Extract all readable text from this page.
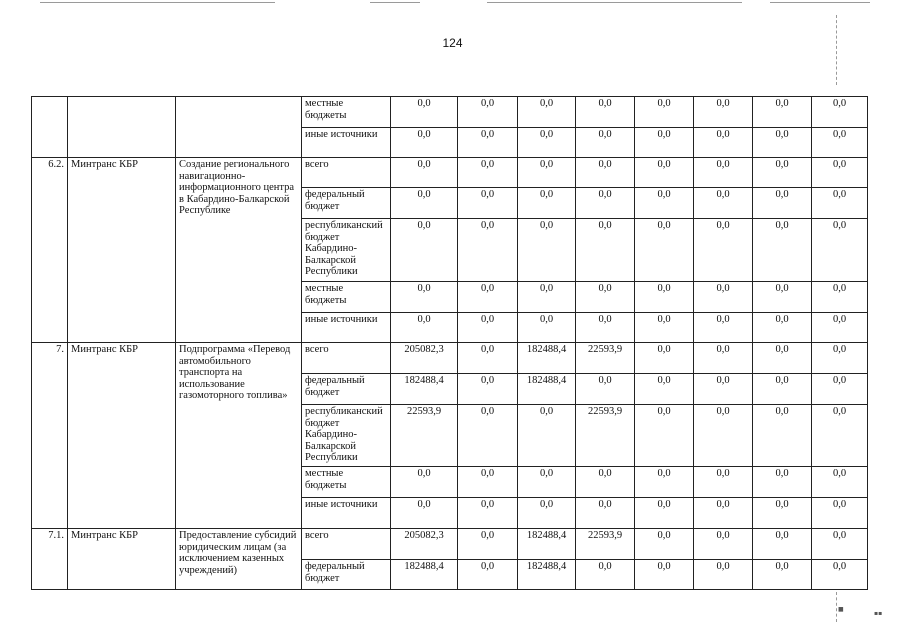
■
▪▪
124
			местные бюджеты	0,0	0,0	0,0	0,0	0,0	0,0	0,0	0,0
			иные источники	0,0	0,0	0,0	0,0	0,0	0,0	0,0	0,0
6.2.	Минтранс КБР	Создание регионального навигационно-информационного центра в Кабардино-Балкарской Республике	всего	0,0	0,0	0,0	0,0	0,0	0,0	0,0	0,0
			федеральный бюджет	0,0	0,0	0,0	0,0	0,0	0,0	0,0	0,0
			республиканский бюджет Кабардино-Балкарской Республики	0,0	0,0	0,0	0,0	0,0	0,0	0,0	0,0
			местные бюджеты	0,0	0,0	0,0	0,0	0,0	0,0	0,0	0,0
			иные источники	0,0	0,0	0,0	0,0	0,0	0,0	0,0	0,0
7.	Минтранс КБР	Подпрограмма «Перевод автомобильного транспорта на использование газомоторного топлива»	всего	205082,3	0,0	182488,4	22593,9	0,0	0,0	0,0	0,0
			федеральный бюджет	182488,4	0,0	182488,4	0,0	0,0	0,0	0,0	0,0
			республиканский бюджет Кабардино-Балкарской Республики	22593,9	0,0	0,0	22593,9	0,0	0,0	0,0	0,0
			местные бюджеты	0,0	0,0	0,0	0,0	0,0	0,0	0,0	0,0
			иные источники	0,0	0,0	0,0	0,0	0,0	0,0	0,0	0,0
7.1.	Минтранс КБР	Предоставление субсидий юридическим лицам (за исключением казенных учреждений)	всего	205082,3	0,0	182488,4	22593,9	0,0	0,0	0,0	0,0
			федеральный бюджет	182488,4	0,0	182488,4	0,0	0,0	0,0	0,0	0,0
